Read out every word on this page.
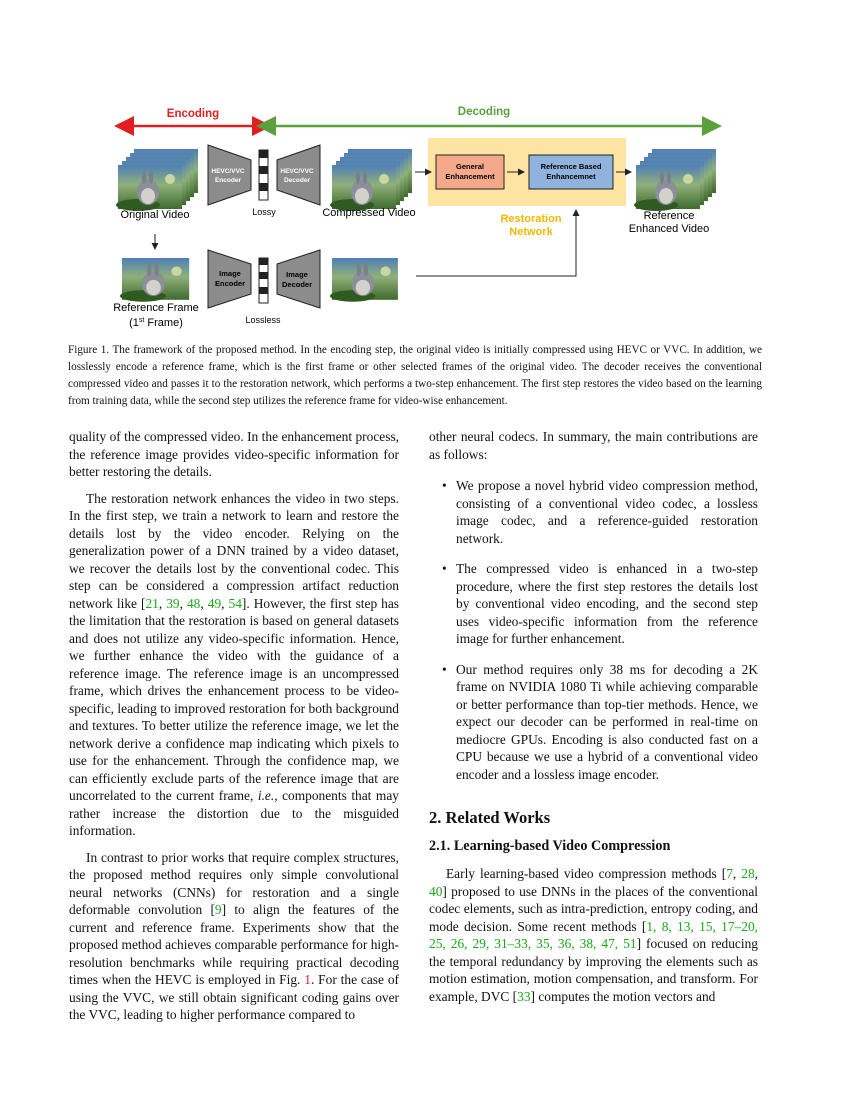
Encoding	Decoding
Original Video
HEVC/VVC Encoder
Lossy
HEVC/VVC Decoder
Compressed Video
General Enhancement
Reference Based Enhancemnet
Restoration Network
Reference Enhanced Video
Reference Frame
(1st Frame)
Image Encoder
Lossless
Image Decoder
Figure 1. The framework of the proposed method. In the encoding step, the original video is initially compressed using HEVC or VVC. In addition, we losslessly encode a reference frame, which is the first frame or other selected frames of the original video. The decoder receives the conventional compressed video and passes it to the restoration network, which performs a two-step enhancement. The first step restores the video based on the learning from training data, while the second step utilizes the reference frame for video-wise enhancement.

quality of the compressed video. In the enhancement process, the reference image provides video-specific information for better restoring the details.

The restoration network enhances the video in two steps. In the first step, we train a network to learn and restore the details lost by the video encoder. Relying on the generalization power of a DNN trained by a video dataset, we recover the details lost by the conventional codec. This step can be considered a compression artifact reduction network like [21, 39, 48, 49, 54]. However, the first step has the limitation that the restoration is based on general datasets and does not utilize any video-specific information. Hence, we further enhance the video with the guidance of a reference image. The reference image is an uncompressed frame, which drives the enhancement process to be video-specific, leading to improved restoration for both background and textures. To better utilize the reference image, we let the network derive a confidence map indicating which pixels to use for the enhancement. Through the confidence map, we can efficiently exclude parts of the reference image that are uncorrelated to the current frame, i.e., components that may rather increase the distortion due to the misguided information.

In contrast to prior works that require complex structures, the proposed method requires only simple convolutional neural networks (CNNs) for restoration and a single deformable convolution [9] to align the features of the current and reference frame. Experiments show that the proposed method achieves comparable performance for high-resolution benchmarks while requiring practical decoding times when the HEVC is employed in Fig. 1. For the case of using the VVC, we still obtain significant coding gains over the VVC, leading to higher performance compared to

other neural codecs. In summary, the main contributions are as follows:

• We propose a novel hybrid video compression method, consisting of a conventional video codec, a lossless image codec, and a reference-guided restoration network.
• The compressed video is enhanced in a two-step procedure, where the first step restores the details lost by conventional video encoding, and the second step uses video-specific information from the reference image for further enhancement.
• Our method requires only 38 ms for decoding a 2K frame on NVIDIA 1080 Ti while achieving comparable or better performance than top-tier methods. Hence, we expect our decoder can be performed in real-time on mediocre GPUs. Encoding is also conducted fast on a CPU because we use a hybrid of a conventional video encoder and a lossless image encoder.
2. Related Works
2.1. Learning-based Video Compression

Early learning-based video compression methods [7, 28, 40] proposed to use DNNs in the places of the conventional codec elements, such as intra-prediction, entropy coding, and mode decision. Some recent methods [1, 8, 13, 15, 17–20, 25, 26, 29, 31–33, 35, 36, 38, 47, 51] focused on reducing the temporal redundancy by improving the elements such as motion estimation, motion compensation, and transform. For example, DVC [33] computes the motion vectors and
